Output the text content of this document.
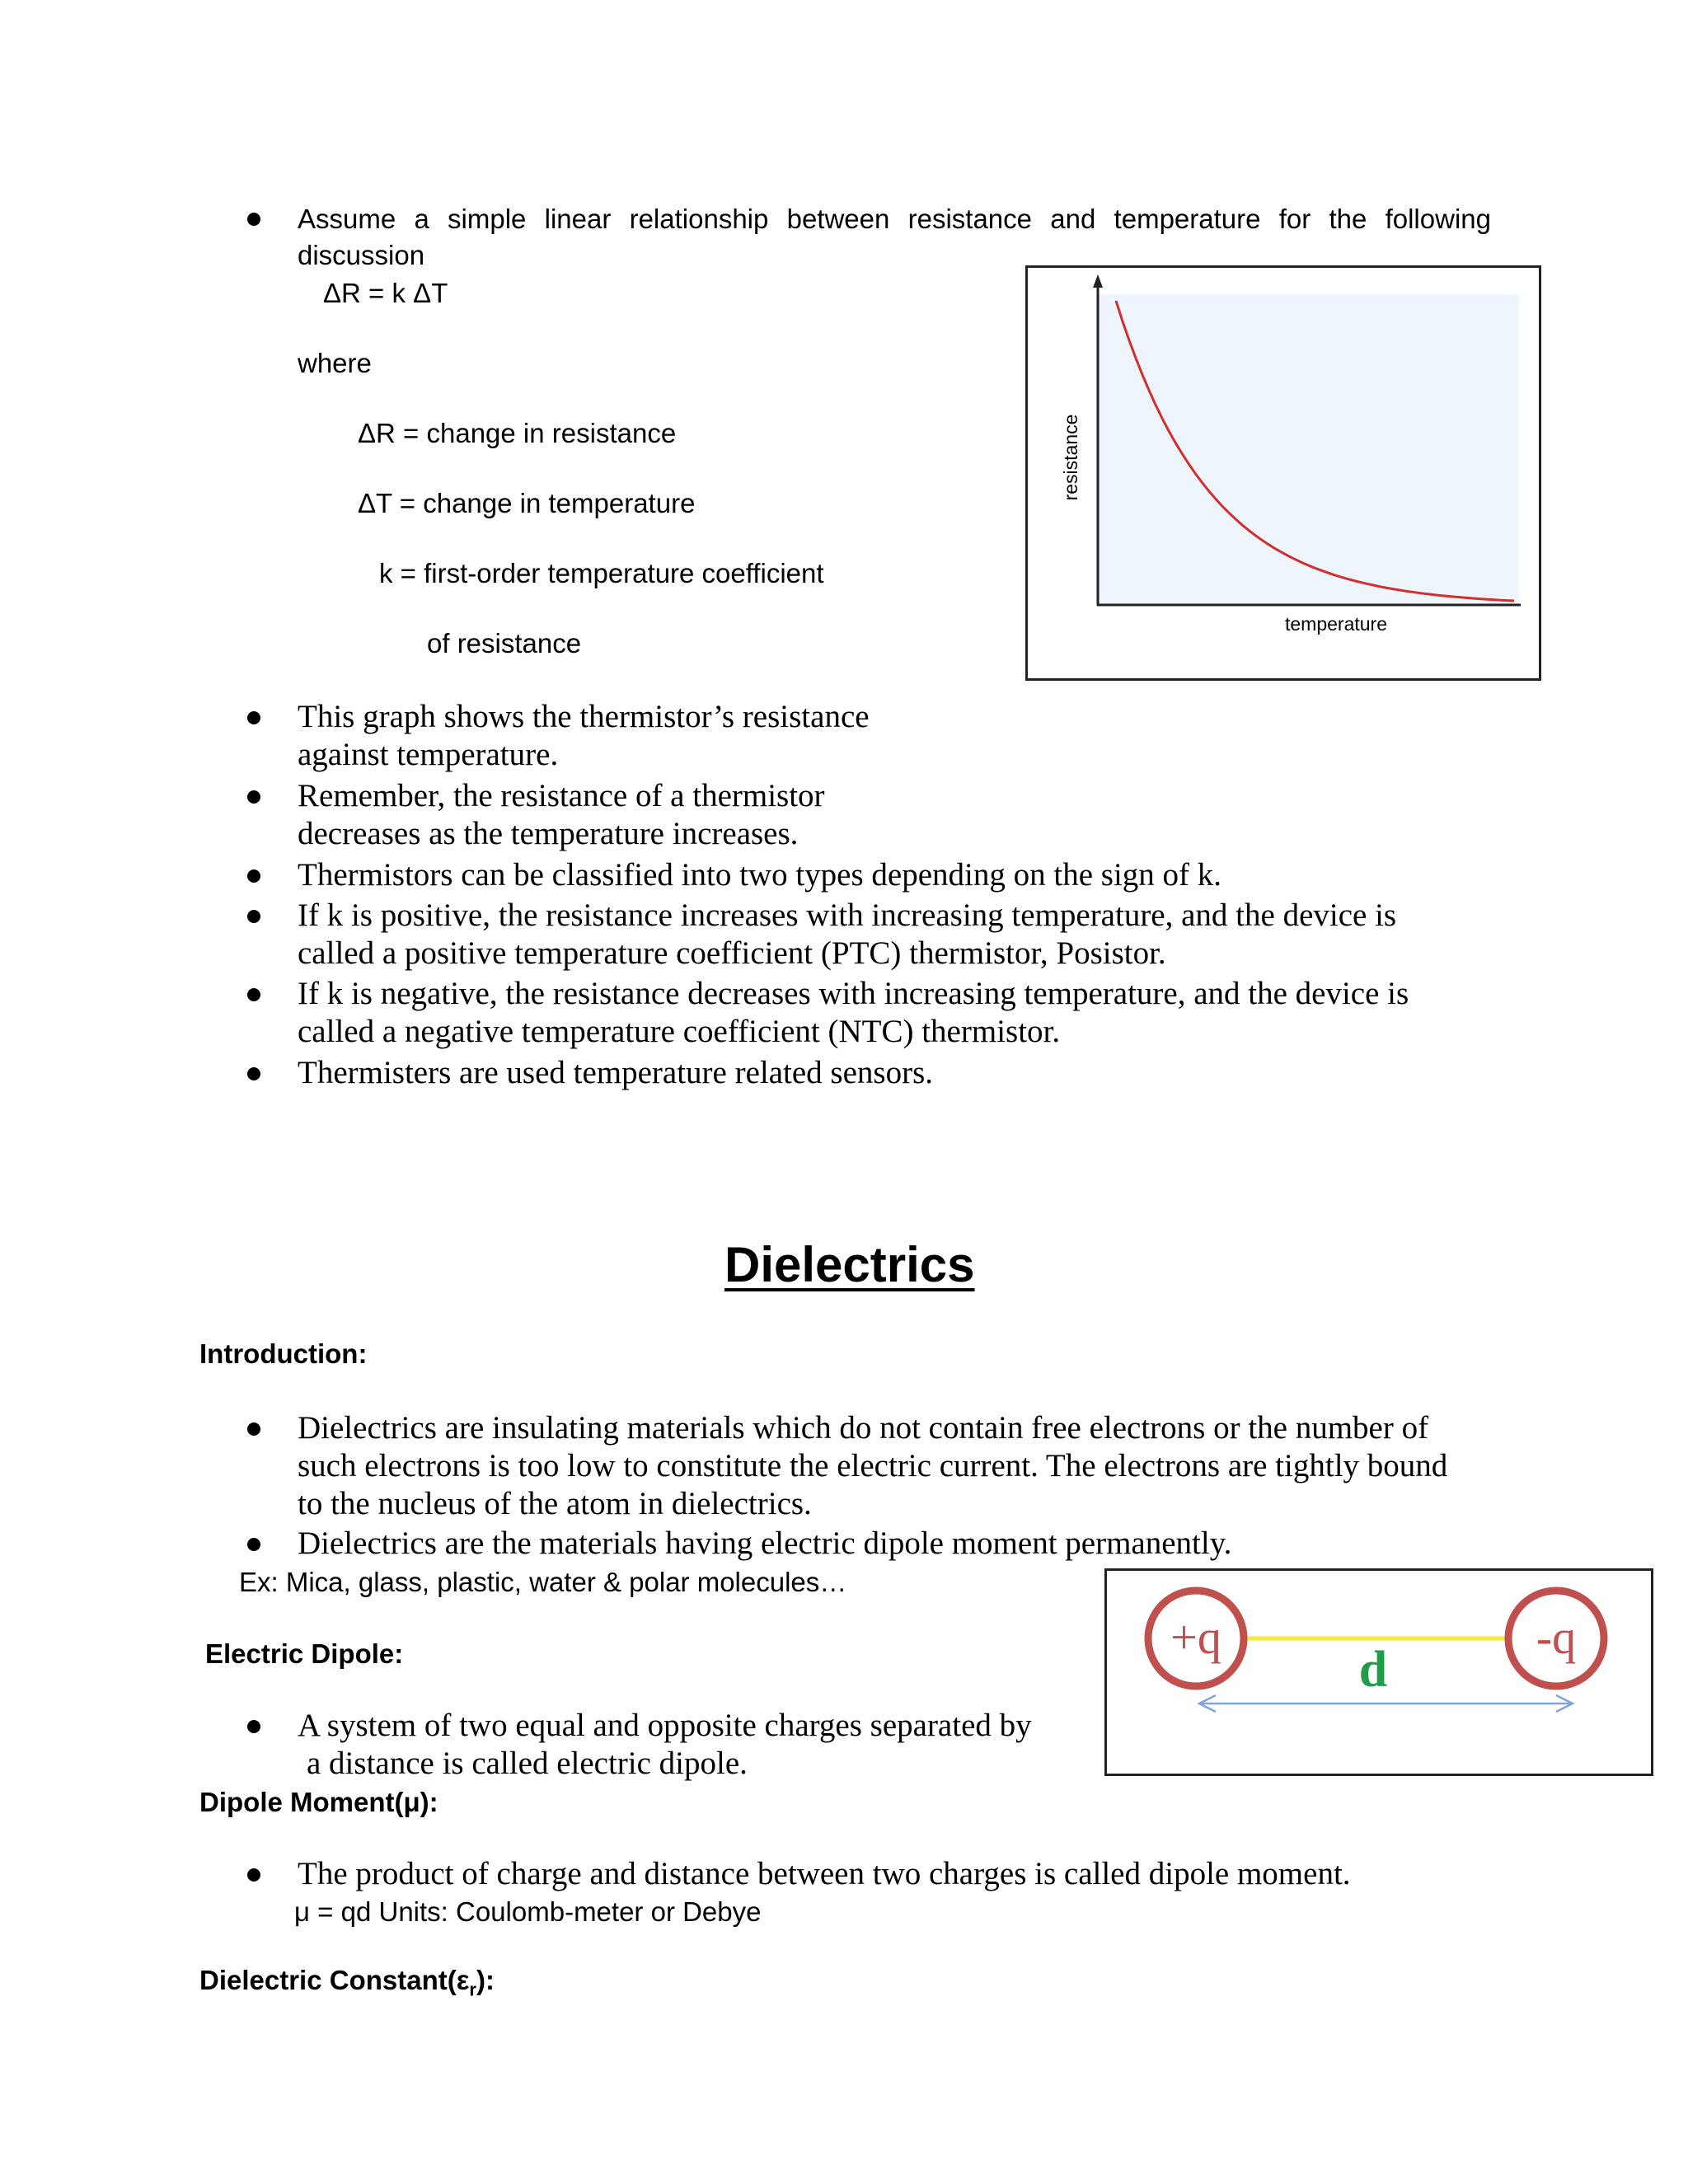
Assume a simple linear relationship between resistance and temperature for the following
discussion
ΔR = k ΔT
where
ΔR = change in resistance
ΔT = change in temperature
k = first-order temperature coefficient
of resistance
resistance
temperature
This graph shows the thermistor’s resistance
against temperature.
Remember, the resistance of a thermistor
decreases as the temperature increases.
Thermistors can be classified into two types depending on the sign of k.
If k is positive, the resistance increases with increasing temperature, and the device is
called a positive temperature coefficient (PTC) thermistor, Posistor.
If k is negative, the resistance decreases with increasing temperature, and the device is
called a negative temperature coefficient (NTC) thermistor.
Thermisters are used temperature related sensors.
Dielectrics
Introduction:
Dielectrics are insulating materials which do not contain free electrons or the number of
such electrons is too low to constitute the electric current. The electrons are tightly bound
to the nucleus of the atom in dielectrics.
Dielectrics are the materials having electric dipole moment permanently.
Ex: Mica, glass, plastic, water & polar molecules…
Electric Dipole:	+q	-q
d
A system of two equal and opposite charges separated by
a distance is called electric dipole.
Dipole Moment(μ):
The product of charge and distance between two charges is called dipole moment.
μ = qd Units: Coulomb-meter or Debye
Dielectric $Constant(\varepsilon_r)$:
